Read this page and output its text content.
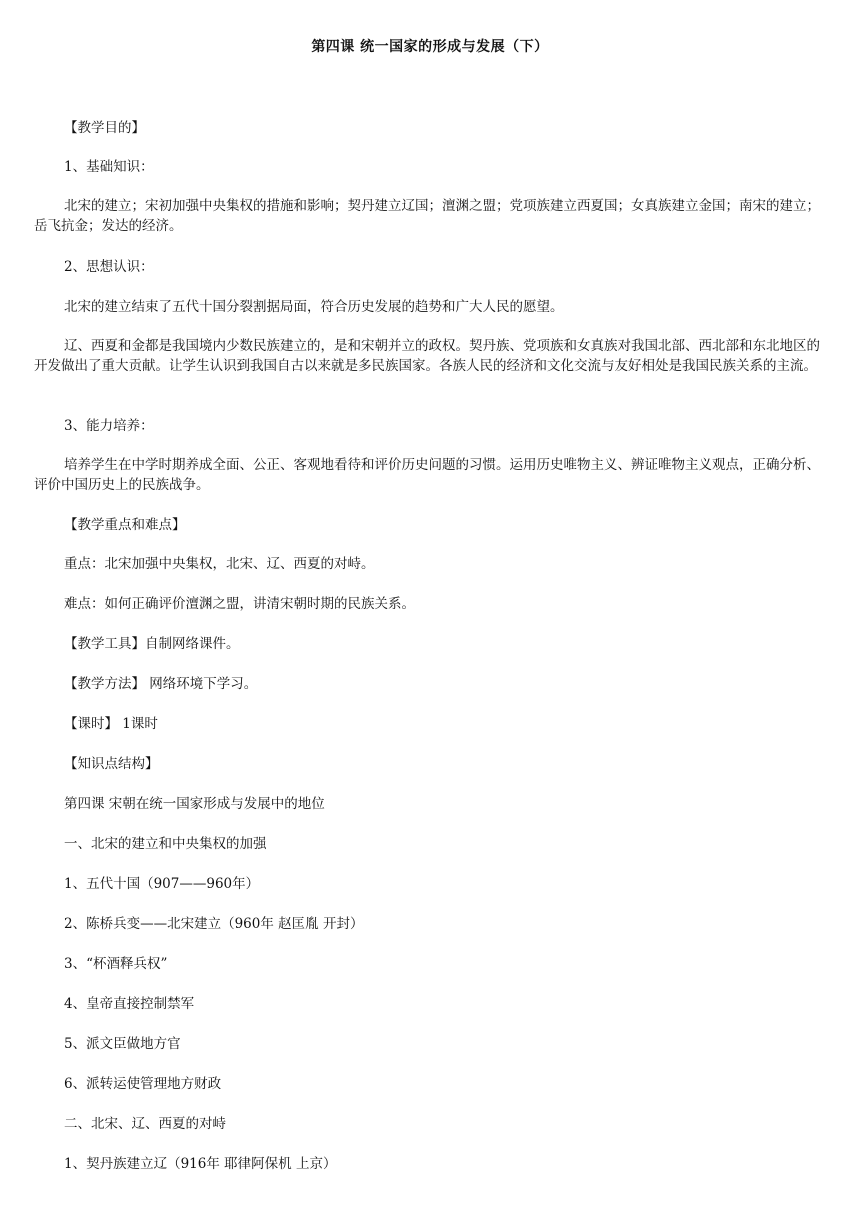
第四课 统一国家的形成与发展（下）
【教学目的】
1、基础知识：
北宋的建立；宋初加强中央集权的措施和影响；契丹建立辽国；澶渊之盟；党项族建立西夏国；女真族建立金国；南宋的建立；岳飞抗金；发达的经济。
2、思想认识：
北宋的建立结束了五代十国分裂割据局面，符合历史发展的趋势和广大人民的愿望。
辽、西夏和金都是我国境内少数民族建立的，是和宋朝并立的政权。契丹族、党项族和女真族对我国北部、西北部和东北地区的开发做出了重大贡献。让学生认识到我国自古以来就是多民族国家。各族人民的经济和文化交流与友好相处是我国民族关系的主流。
3、能力培养：
培养学生在中学时期养成全面、公正、客观地看待和评价历史问题的习惯。运用历史唯物主义、辨证唯物主义观点，正确分析、评价中国历史上的民族战争。
【教学重点和难点】
重点：北宋加强中央集权，北宋、辽、西夏的对峙。
难点：如何正确评价澶渊之盟，讲清宋朝时期的民族关系。
【教学工具】自制网络课件。
【教学方法】 网络环境下学习。
【课时】 1课时
【知识点结构】
第四课 宋朝在统一国家形成与发展中的地位
一、北宋的建立和中央集权的加强
1、五代十国（907——960年）
2、陈桥兵变——北宋建立（960年 赵匡胤 开封）
3、“杯酒释兵权”
4、皇帝直接控制禁军
5、派文臣做地方官
6、派转运使管理地方财政
二、北宋、辽、西夏的对峙
1、契丹族建立辽（916年 耶律阿保机 上京）
